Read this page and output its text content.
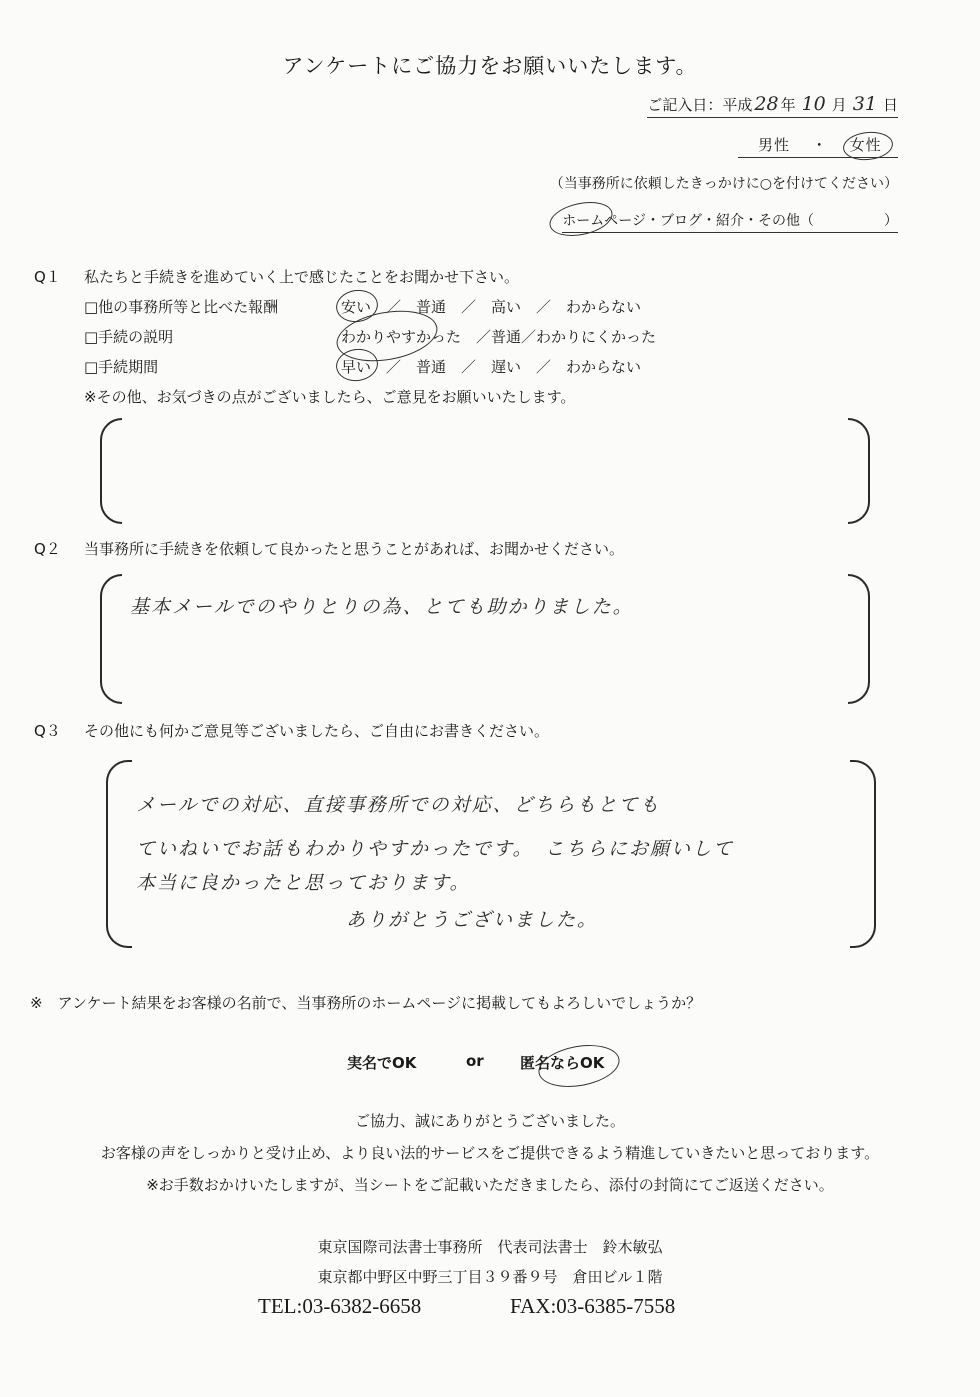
アンケートにご協力をお願いいたします。
ご記入日：平成 28 年 10 月 31 日
男性 ・ 女性
（当事務所に依頼したきっかけに○を付けてください）
ホームページ・ブログ・紹介・その他（　　　　　）
Q１ 私たちと手続きを進めていく上で感じたことをお聞かせ下さい。
□他の事務所等と比べた報酬	安い　／　普通　／　高い　／　わからない
□手続の説明	わかりやすかった　／普通／わかりにくかった
□手続期間	早い　／　普通　／　遅い　／　わからない
※その他、お気づきの点がございましたら、ご意見をお願いいたします。
Q２ 当事務所に手続きを依頼して良かったと思うことがあれば、お聞かせください。
基本メールでのやりとりの為、とても助かりました。
Q３ その他にも何かご意見等ございましたら、ご自由にお書きください。
メールでの対応、直接事務所での対応、どちらもとても
ていねいでお話もわかりやすかったです。　こちらにお願いして
本当に良かったと思っております。
ありがとうございました。
※　アンケート結果をお客様の名前で、当事務所のホームページに掲載してもよろしいでしょうか？
実名でOK	or 匿名ならOK
ご協力、誠にありがとうございました。
お客様の声をしっかりと受け止め、より良い法的サービスをご提供できるよう精進していきたいと思っております。
※お手数おかけいたしますが、当シートをご記載いただきましたら、添付の封筒にてご返送ください。
東京国際司法書士事務所　代表司法書士　鈴木敏弘
東京都中野区中野三丁目３９番９号　倉田ビル１階
TEL:03-6382-6658	FAX:03-6385-7558
